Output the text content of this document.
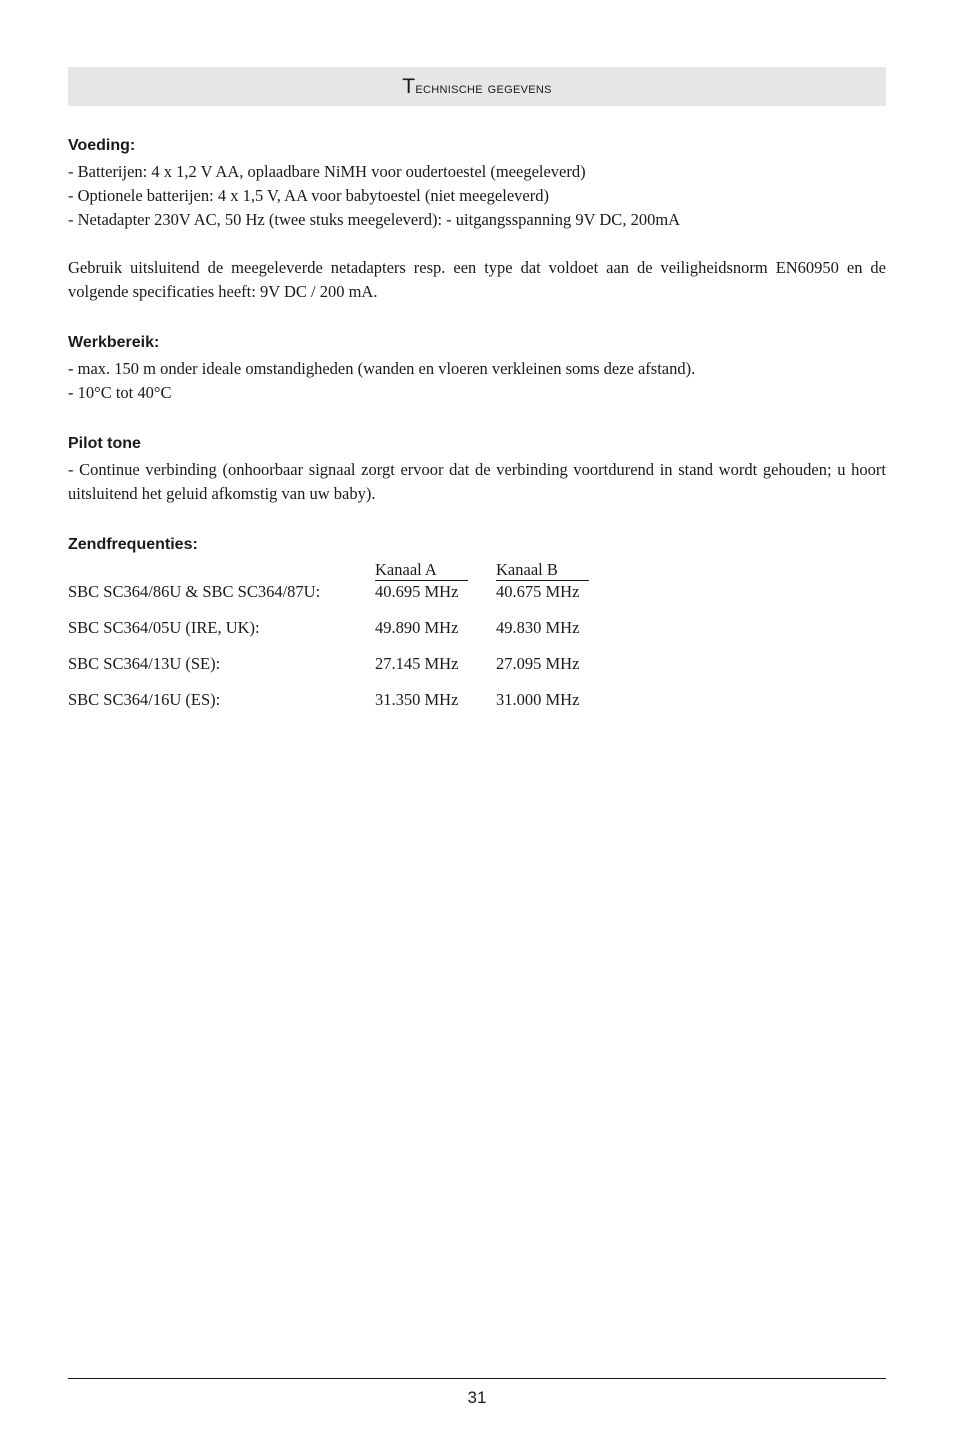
Technische gegevens
Voeding:

- Batterijen: 4 x 1,2 V AA, oplaadbare NiMH voor oudertoestel (meegeleverd)

- Optionele batterijen: 4 x 1,5 V, AA voor babytoestel (niet meegeleverd)

- Netadapter 230V AC, 50 Hz (twee stuks meegeleverd): - uitgangsspanning 9V DC, 200mA

Gebruik uitsluitend de meegeleverde netadapters resp. een type dat voldoet aan de veiligheidsnorm EN60950 en de volgende specificaties heeft: 9V DC / 200 mA.

Werkbereik:

- max. 150 m onder ideale omstandigheden (wanden en vloeren verkleinen soms deze afstand).

- 10°C tot 40°C

Pilot tone

- Continue verbinding (onhoorbaar signaal zorgt ervoor dat de verbinding voortdurend in stand wordt gehouden; u hoort uitsluitend het geluid afkomstig van uw baby).

Zendfrequenties:
	Kanaal A	Kanaal B
SBC SC364/86U & SBC SC364/87U:	40.695 MHz	40.675 MHz
SBC SC364/05U (IRE, UK):	49.890 MHz	49.830 MHz
SBC SC364/13U (SE):	27.145 MHz	27.095 MHz
SBC SC364/16U (ES):	31.350 MHz	31.000 MHz
31
